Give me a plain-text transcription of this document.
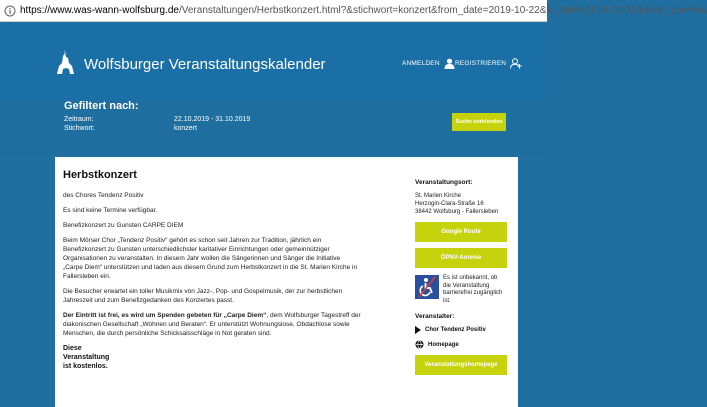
https://www.was-wann-wolfsburg.de/Veranstaltungen/Herbstkonzert.html?&stichwort=konzert&from_date=2019-10-22&to_date=2019-10-31&date_type=ma
Wolfsburger Veranstaltungskalender	ANMELDEN REGISTRIEREN
Gefiltert nach:
Zeitraum:	22.10.2019 - 31.10.2019
Stichwort:	konzert
Suche einblenden
Herbstkonzert
des Chores Tendenz Positiv
Es sind keine Termine verfügbar.
Benefizkonzert zu Gunsten CARPE DIEM
Beim Mörser Chor „Tendenz Positiv“ gehört es schon seit Jahren zur Tradition, jährlich ein Benefizkonzert zu Gunsten unterschiedlichster karitativer Einrichtungen oder gemeinnütziger Organisationen zu veranstalten. In diesem Jahr wollen die Sängerinnen und Sänger die Initiative „Carpe Diem“ unterstützen und laden aus diesem Grund zum Herbstkonzert in die St. Marien Kirche in Fallersleben ein.
Die Besucher erwartet ein toller Musikmix von Jazz-, Pop- und Gospelmusik, der zur herbstlichen Jahreszeit und zum Benefizgedanken des Konzertes passt.
Der Eintritt ist frei, es wird um Spenden gebeten für „Carpe Diem“, dem Wolfsburger Tagestreff der diakonischen Gesellschaft „Wohnen und Beraten“. Er unterstützt Wohnungslose, Obdachlose sowie Menschen, die durch persönliche Schicksalsschläge in Not geraten sind.
Diese Veranstaltung ist kostenlos.
Veranstaltungsort:
St. Marien Kirche
Herzogin-Clara-Straße 16
38442 Wolfsburg - Fallersleben
Google Route
ÖPNV-Anreise
Es ist unbekannt, ob die Veranstaltung barrierefrei zugänglich ist.
Veranstalter:
Chor Tendenz Positiv
Homepage
Veranstaltungshomepage
